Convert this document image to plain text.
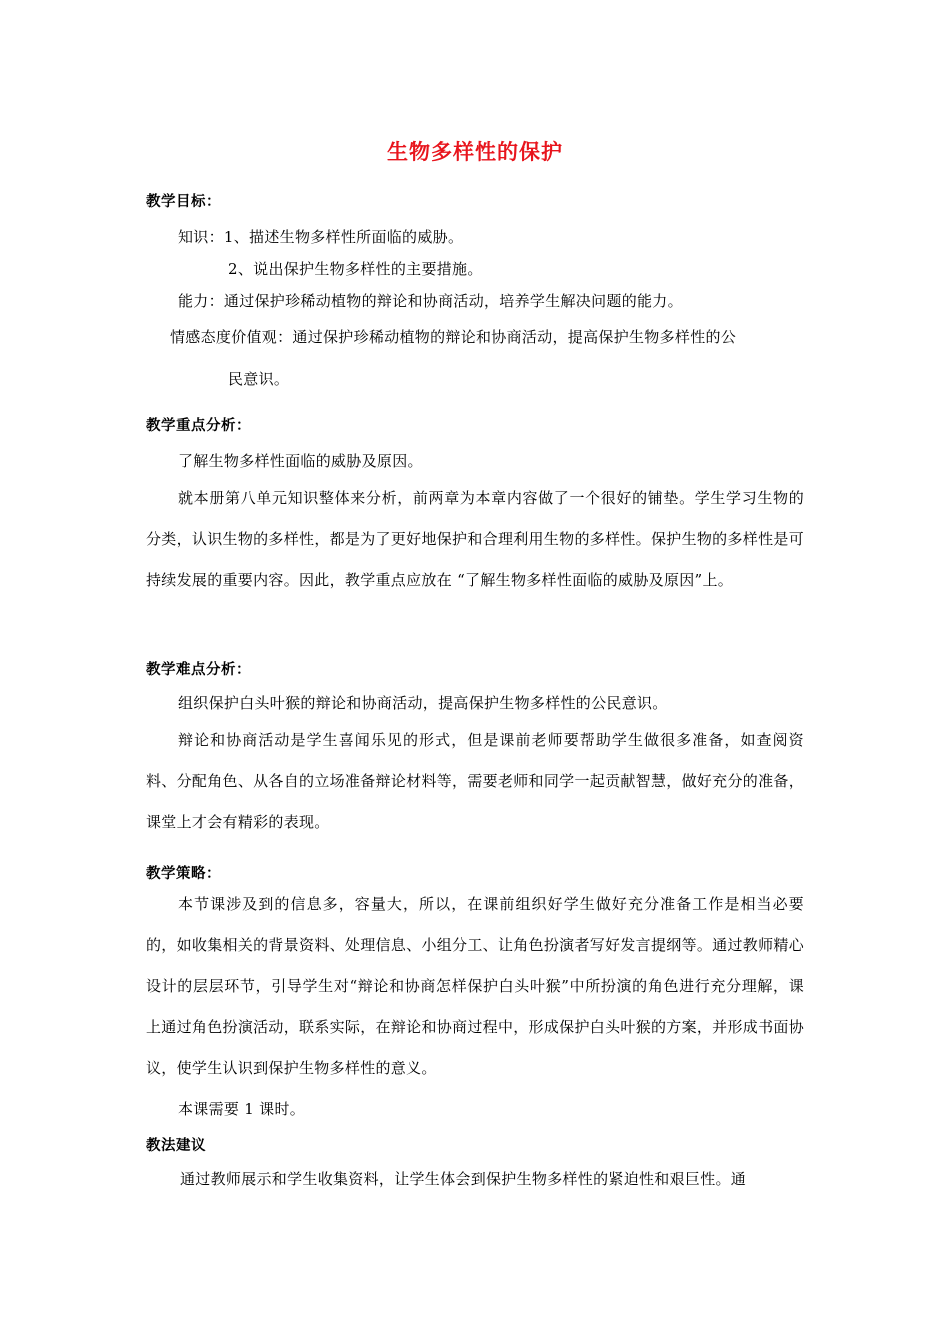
生物多样性的保护
教学目标：
知识：1、描述生物多样性所面临的威胁。
2、说出保护生物多样性的主要措施。
能力：通过保护珍稀动植物的辩论和协商活动，培养学生解决问题的能力。
情感态度价值观：通过保护珍稀动植物的辩论和协商活动，提高保护生物多样性的公
民意识。
教学重点分析：
了解生物多样性面临的威胁及原因。
就本册第八单元知识整体来分析，前两章为本章内容做了一个很好的铺垫。学生学习生物的分类，认识生物的多样性，都是为了更好地保护和合理利用生物的多样性。保护生物的多样性是可持续发展的重要内容。因此，教学重点应放在 “了解生物多样性面临的威胁及原因”上。
教学难点分析：
组织保护白头叶猴的辩论和协商活动，提高保护生物多样性的公民意识。
辩论和协商活动是学生喜闻乐见的形式，但是课前老师要帮助学生做很多准备，如查阅资料、分配角色、从各自的立场准备辩论材料等，需要老师和同学一起贡献智慧，做好充分的准备，课堂上才会有精彩的表现。
教学策略：
本节课涉及到的信息多，容量大，所以，在课前组织好学生做好充分准备工作是相当必要的，如收集相关的背景资料、处理信息、小组分工、让角色扮演者写好发言提纲等。通过教师精心设计的层层环节，引导学生对“辩论和协商怎样保护白头叶猴”中所扮演的角色进行充分理解，课上通过角色扮演活动，联系实际，在辩论和协商过程中，形成保护白头叶猴的方案，并形成书面协议，使学生认识到保护生物多样性的意义。
本课需要 1 课时。
教法建议
通过教师展示和学生收集资料，让学生体会到保护生物多样性的紧迫性和艰巨性。通
